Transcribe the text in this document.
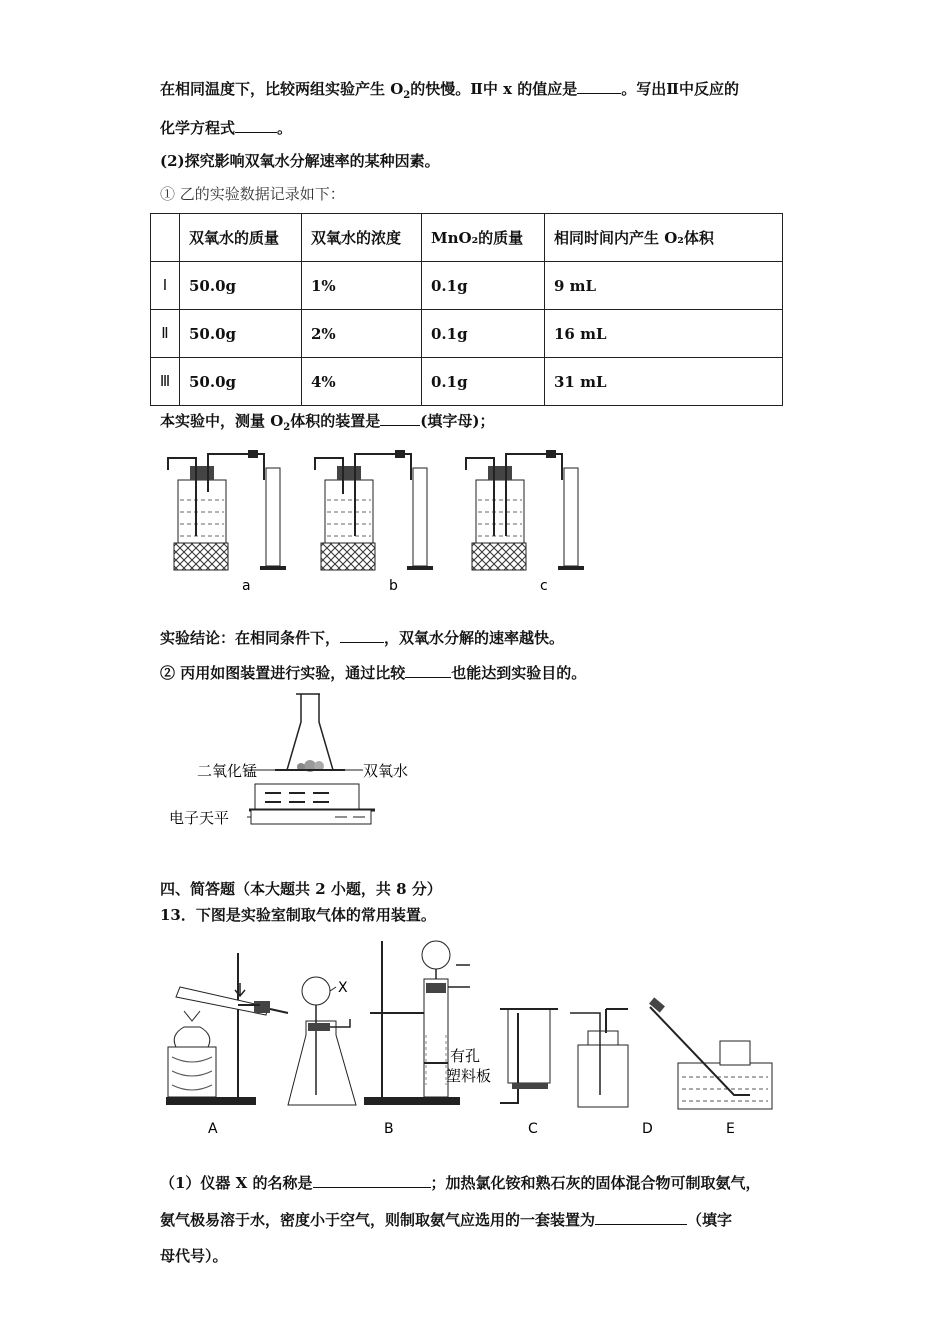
在相同温度下，比较两组实验产生 $O_2$的快慢。Ⅱ中 x 的值应是	。写出Ⅱ中反应的
化学方程式	。
(2)探究影响双氧水分解速率的某种因素。
① 乙的实验数据记录如下：
	双氧水的质量	双氧水的浓度	MnO₂的质量	相同时间内产生 O₂体积
Ⅰ	50.0g	1%	0.1g	9 mL
Ⅱ	50.0g	2%	0.1g	16 mL
Ⅲ	50.0g	4%	0.1g	31 mL
本实验中，测量 $O_2$体积的装置是	(填字母)；
a	b	c
实验结论：在相同条件下，	，双氧水分解的速率越快。
② 丙用如图装置进行实验，通过比较	也能达到实验目的。
二氧化锰	双氧水
电子天平
四、简答题（本大题共 2 小题，共 8 分）
13．下图是实验室制取气体的常用装置。
A
X
有孔
塑料板
B	C	D	E
（1）仪器 X 的名称是	；加热氯化铵和熟石灰的固体混合物可制取氨气，
氨气极易溶于水，密度小于空气，则制取氨气应选用的一套装置为	（填字
母代号）。
